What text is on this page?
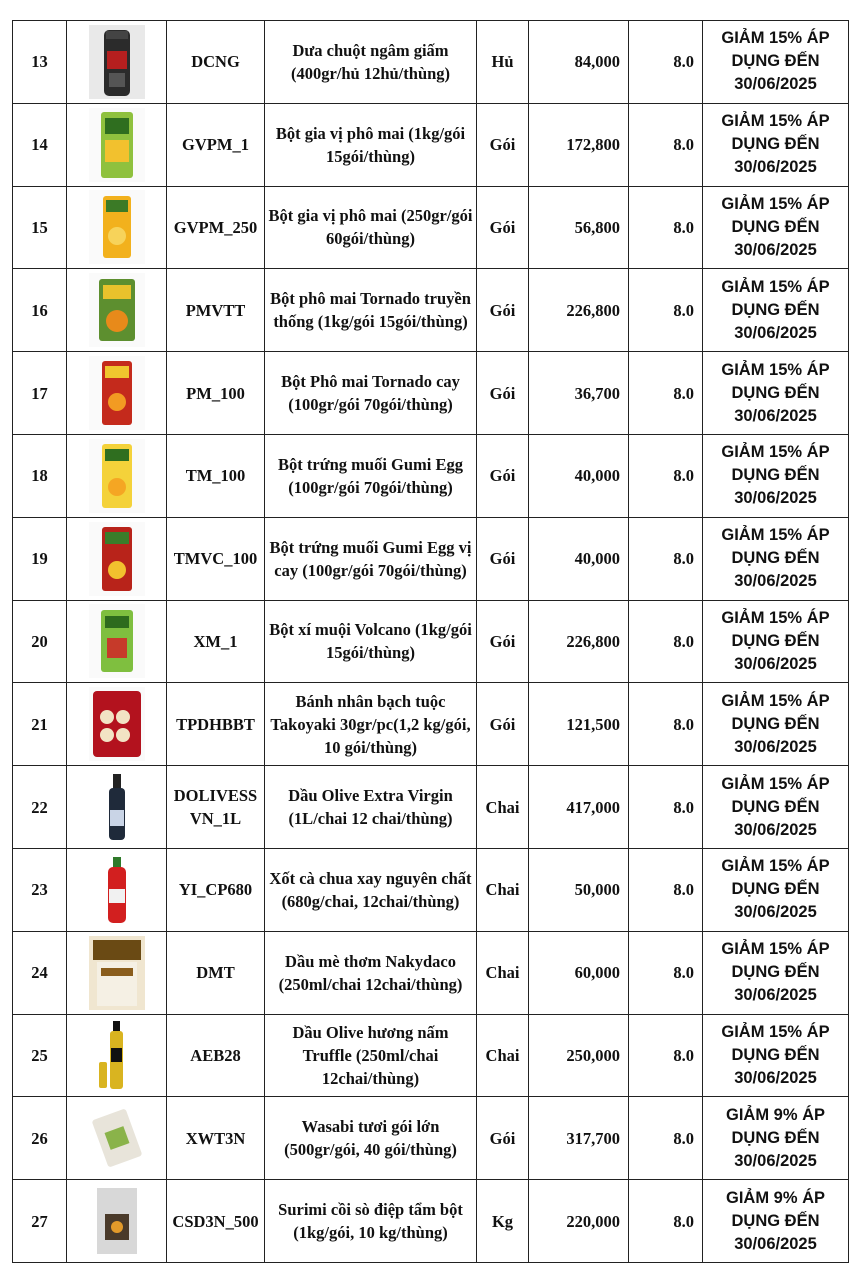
13		DCNG	Dưa chuột ngâm giấm (400gr/hủ 12hủ/thùng)	Hủ	84,000	8.0	GIẢM 15% ÁP DỤNG ĐẾN 30/06/2025
14		GVPM_1	Bột gia vị phô mai (1kg/gói 15gói/thùng)	Gói	172,800	8.0	GIẢM 15% ÁP DỤNG ĐẾN 30/06/2025
15		GVPM_250	Bột gia vị phô mai (250gr/gói 60gói/thùng)	Gói	56,800	8.0	GIẢM 15% ÁP DỤNG ĐẾN 30/06/2025
16		PMVTT	Bột phô mai Tornado truyền thống (1kg/gói 15gói/thùng)	Gói	226,800	8.0	GIẢM 15% ÁP DỤNG ĐẾN 30/06/2025
17		PM_100	Bột Phô mai Tornado cay (100gr/gói 70gói/thùng)	Gói	36,700	8.0	GIẢM 15% ÁP DỤNG ĐẾN 30/06/2025
18		TM_100	Bột trứng muối Gumi Egg (100gr/gói 70gói/thùng)	Gói	40,000	8.0	GIẢM 15% ÁP DỤNG ĐẾN 30/06/2025
19		TMVC_100	Bột trứng muối Gumi Egg vị cay (100gr/gói 70gói/thùng)	Gói	40,000	8.0	GIẢM 15% ÁP DỤNG ĐẾN 30/06/2025
20		XM_1	Bột xí muội Volcano (1kg/gói 15gói/thùng)	Gói	226,800	8.0	GIẢM 15% ÁP DỤNG ĐẾN 30/06/2025
21		TPDHBBT	Bánh nhân bạch tuộc Takoyaki 30gr/pc(1,2 kg/gói, 10 gói/thùng)	Gói	121,500	8.0	GIẢM 15% ÁP DỤNG ĐẾN 30/06/2025
22		DOLIVESSVN_1L	Dầu Olive Extra Virgin (1L/chai 12 chai/thùng)	Chai	417,000	8.0	GIẢM 15% ÁP DỤNG ĐẾN 30/06/2025
23		YI_CP680	Xốt cà chua xay nguyên chất (680g/chai, 12chai/thùng)	Chai	50,000	8.0	GIẢM 15% ÁP DỤNG ĐẾN 30/06/2025
24		DMT	Dầu mè thơm Nakydaco (250ml/chai 12chai/thùng)	Chai	60,000	8.0	GIẢM 15% ÁP DỤNG ĐẾN 30/06/2025
25		AEB28	Dầu Olive hương nấm Truffle (250ml/chai 12chai/thùng)	Chai	250,000	8.0	GIẢM 15% ÁP DỤNG ĐẾN 30/06/2025
26		XWT3N	Wasabi tươi gói lớn (500gr/gói, 40 gói/thùng)	Gói	317,700	8.0	GIẢM 9% ÁP DỤNG ĐẾN 30/06/2025
27		CSD3N_500	Surimi cồi sò điệp tẩm bột (1kg/gói, 10 kg/thùng)	Kg	220,000	8.0	GIẢM 9% ÁP DỤNG ĐẾN 30/06/2025
